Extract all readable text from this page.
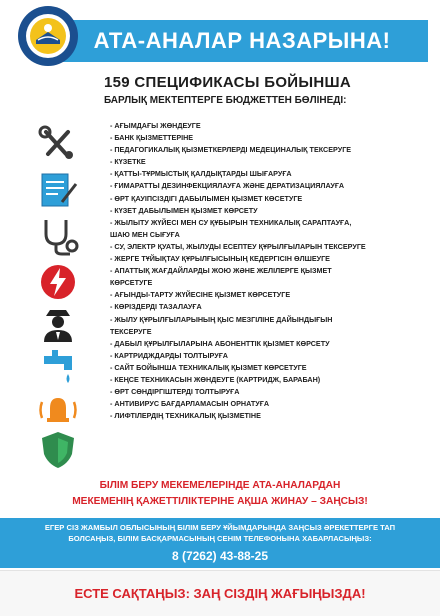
АТА-АНАЛАР НАЗАРЫНА!
159 СПЕЦИФИКАСЫ БОЙЫНША
БАРЛЫҚ МЕКТЕПТЕРГЕ БЮДЖЕТТЕН БӨЛІНЕДІ:
- АҒЫМДАҒЫ ЖӨНДЕУГЕ
- БАНК ҚЫЗМЕТТЕРІНЕ
- ПЕДАГОГИКАЛЫҚ ҚЫЗМЕТКЕРЛЕРДІ МЕДЕЦИНАЛЫҚ ТЕКСЕРУГЕ
- КҮЗЕТКЕ
- ҚАТТЫ-ТҰРМЫСТЫҚ ҚАЛДЫҚТАРДЫ ШЫҒАРУҒА
- ҒИМАРАТТЫ ДЕЗИНФЕКЦИЯЛАУҒА ЖӘНЕ ДЕРАТИЗАЦИЯЛАУҒА
- ӨРТ ҚАУІПСІЗДІГІ ДАБЫЛЫМЕН ҚЫЗМЕТ КӨСЕТУГЕ
- КҮЗЕТ ДАБЫЛЫМЕН ҚЫЗМЕТ КӨРСЕТУ
- ЖЫЛЫТУ ЖҮЙЕСІ МЕН СУ ҚҰБЫРЫН ТЕХНИКАЛЫҚ САРАПТАУҒА,
ШАЮ МЕН СЫҒУҒА
- СУ, ЭЛЕКТР ҚУАТЫ, ЖЫЛУДЫ ЕСЕПТЕУ ҚҰРЫЛҒЫЛАРЫН ТЕКСЕРУГЕ
- ЖЕРГЕ ТҰЙЫҚТАУ ҚҰРЫЛҒЫСЫНЫҢ КЕДЕРГІСІН ӨЛШЕУГЕ
- АПАТТЫҚ ЖАҒДАЙЛАРДЫ ЖОЮ ЖӘНЕ ЖЕЛІЛЕРГЕ ҚЫЗМЕТ
КӨРСЕТУГЕ
- АҒЫНДЫ-ТАРТУ ЖҮЙЕСІНЕ ҚЫЗМЕТ КӨРСЕТУГЕ
- КӨРІЗДЕРДІ ТАЗАЛАУҒА
- ЖЫЛУ ҚҰРЫЛҒЫЛАРЫНЫҢ ҚЫС МЕЗГІЛІНЕ ДАЙЫНДЫҒЫН
ТЕКСЕРУГЕ
- ДАБЫЛ ҚҰРЫЛҒЫЛАРЫНА АБОНЕНТТІК ҚЫЗМЕТ КӨРСЕТУ
- КАРТРИДЖДАРДЫ ТОЛТЫРУҒА
- САЙТ БОЙЫНША ТЕХНИКАЛЫҚ ҚЫЗМЕТ КӨРСЕТУГЕ
- КЕҢСЕ ТЕХНИКАСЫН ЖӨНДЕУГЕ (КАРТРИДЖ, БАРАБАН)
- ӨРТ СӨНДІРГІШТЕРДІ ТОЛТЫРУҒА
- АНТИВИРУС БАҒДАРЛАМАСЫН ОРНАТУҒА
- ЛИФТІЛЕРДІҢ ТЕХНИКАЛЫҚ ҚЫЗМЕТІНЕ
БІЛІМ БЕРУ МЕКЕМЕЛЕРІНДЕ АТА-АНАЛАРДАН
МЕКЕМЕНІҢ ҚАЖЕТТІЛІКТЕРІНЕ АҚША ЖИНАУ – ЗАҢСЫЗ!
ЕГЕР СІЗ ЖАМБЫЛ ОБЛЫСЫНЫҢ БІЛІМ БЕРУ ҰЙЫМДАРЫНДА ЗАҢСЫЗ ӘРЕКЕТТЕРГЕ ТАП
БОЛСАҢЫЗ, БІЛІМ БАСҚАРМАСЫНЫҢ СЕНІМ ТЕЛЕФОНЫНА ХАБАРЛАСЫҢЫЗ:
8 (7262) 43-88-25
ЕСТЕ САҚТАҢЫЗ: ЗАҢ СІЗДІҢ ЖАҒЫҢЫЗДА!
